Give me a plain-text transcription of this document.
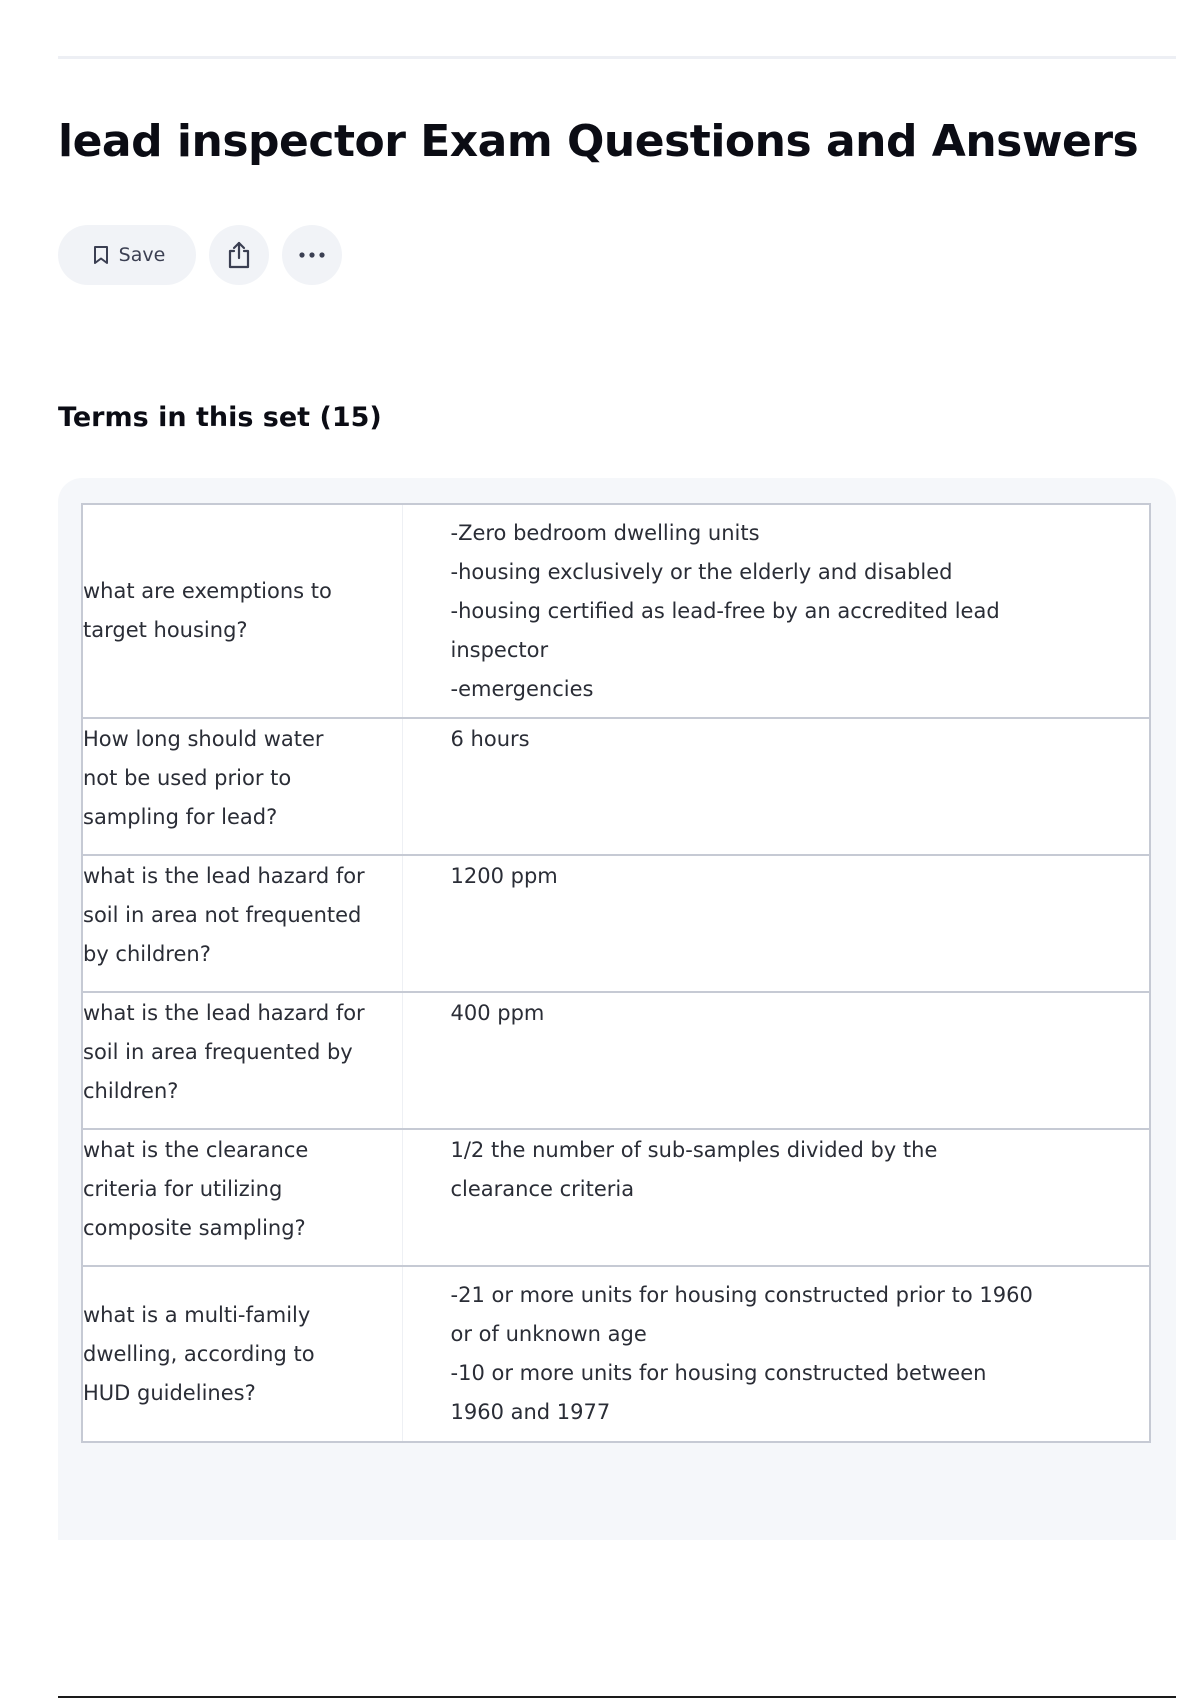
lead inspector Exam Questions and Answers
Save
Terms in this set (15)
what are exemptions to
target housing?	-Zero bedroom dwelling units
-housing exclusively or the elderly and disabled
-housing certified as lead-free by an accredited lead
inspector
-emergencies

How long should water
not be used prior to
sampling for lead?	6 hours

what is the lead hazard for
soil in area not frequented
by children?	1200 ppm

what is the lead hazard for
soil in area frequented by
children?	400 ppm

what is the clearance
criteria for utilizing
composite sampling?	1/2 the number of sub-samples divided by the
clearance criteria

what is a multi-family
dwelling, according to
HUD guidelines?	-21 or more units for housing constructed prior to 1960
or of unknown age
-10 or more units for housing constructed between
1960 and 1977
